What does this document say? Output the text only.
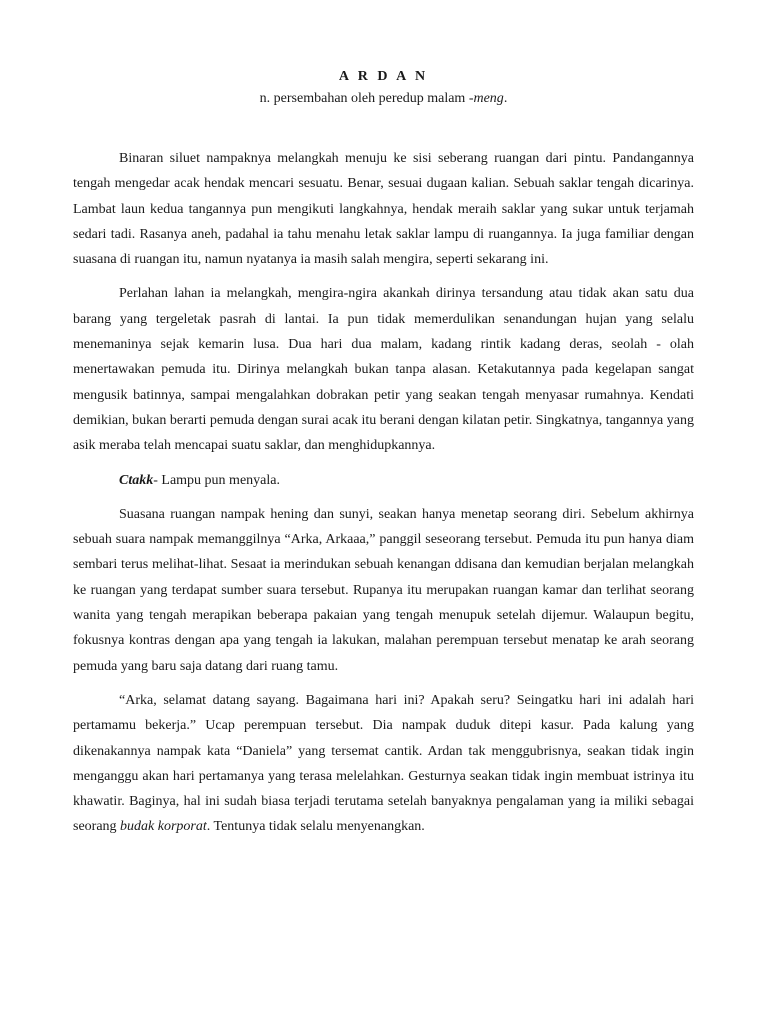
A R D A N

n. persembahan oleh peredup malam -meng.

Binaran siluet nampaknya melangkah menuju ke sisi seberang ruangan dari pintu. Pandangannya tengah mengedar acak hendak mencari sesuatu. Benar, sesuai dugaan kalian. Sebuah saklar tengah dicarinya. Lambat laun kedua tangannya pun mengikuti langkahnya, hendak meraih saklar yang sukar untuk terjamah sedari tadi. Rasanya aneh, padahal ia tahu menahu letak saklar lampu di ruangannya. Ia juga familiar dengan suasana di ruangan itu, namun nyatanya ia masih salah mengira, seperti sekarang ini.

Perlahan lahan ia melangkah, mengira-ngira akankah dirinya tersandung atau tidak akan satu dua barang yang tergeletak pasrah di lantai. Ia pun tidak memerdulikan senandungan hujan yang selalu menemaninya sejak kemarin lusa. Dua hari dua malam, kadang rintik kadang deras, seolah - olah menertawakan pemuda itu. Dirinya melangkah bukan tanpa alasan. Ketakutannya pada kegelapan sangat mengusik batinnya, sampai mengalahkan dobrakan petir yang seakan tengah menyasar rumahnya. Kendati demikian, bukan berarti pemuda dengan surai acak itu berani dengan kilatan petir. Singkatnya, tangannya yang asik meraba telah mencapai suatu saklar, dan menghidupkannya.

Ctakk- Lampu pun menyala.

Suasana ruangan nampak hening dan sunyi, seakan hanya menetap seorang diri. Sebelum akhirnya sebuah suara nampak memanggilnya “Arka, Arkaaa,” panggil seseorang tersebut. Pemuda itu pun hanya diam sembari terus melihat-lihat. Sesaat ia merindukan sebuah kenangan ddisana dan kemudian berjalan melangkah ke ruangan yang terdapat sumber suara tersebut. Rupanya itu merupakan ruangan kamar dan terlihat seorang wanita yang tengah merapikan beberapa pakaian yang tengah menupuk setelah dijemur. Walaupun begitu, fokusnya kontras dengan apa yang tengah ia lakukan, malahan perempuan tersebut menatap ke arah seorang pemuda yang baru saja datang dari ruang tamu.

“Arka, selamat datang sayang. Bagaimana hari ini? Apakah seru? Seingatku hari ini adalah hari pertamamu bekerja.” Ucap perempuan tersebut. Dia nampak duduk ditepi kasur. Pada kalung yang dikenakannya nampak kata “Daniela” yang tersemat cantik. Ardan tak menggubrisnya, seakan tidak ingin menganggu akan hari pertamanya yang terasa melelahkan. Gesturnya seakan tidak ingin membuat istrinya itu khawatir. Baginya, hal ini sudah biasa terjadi terutama setelah banyaknya pengalaman yang ia miliki sebagai seorang budak korporat. Tentunya tidak selalu menyenangkan.
